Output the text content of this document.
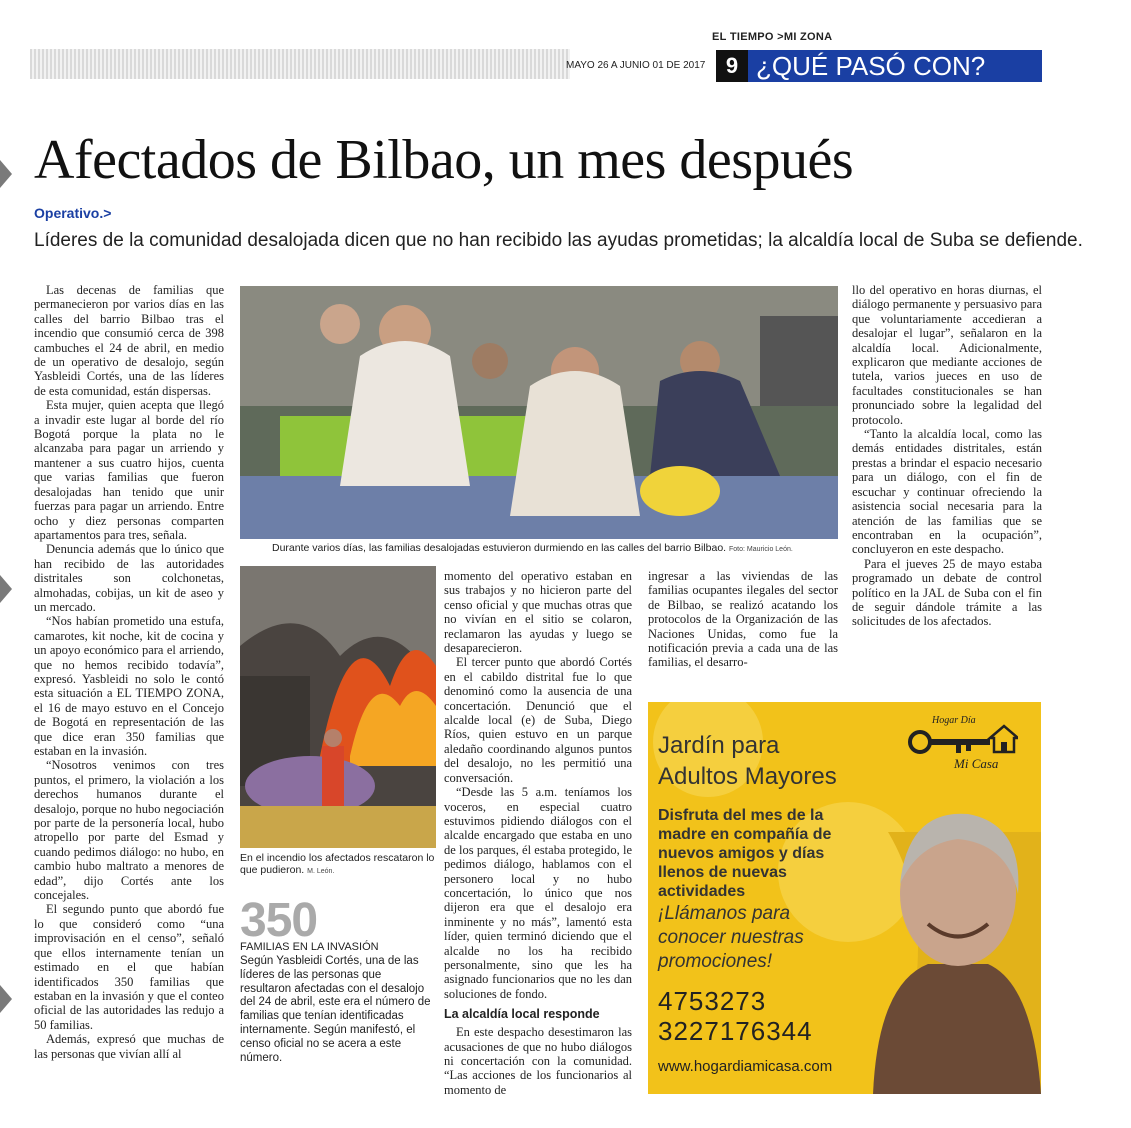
EL TIEMPO >MI ZONA
MAYO 26 A JUNIO 01 DE 2017 9 ¿QUÉ PASÓ CON?
Afectados de Bilbao, un mes después
Operativo.>
Líderes de la comunidad desalojada dicen que no han recibido las ayudas prometidas; la alcaldía local de Suba se defiende.

Las decenas de familias que permanecieron por varios días en las calles del barrio Bilbao tras el incendio que consumió cerca de 398 cambuches el 24 de abril, en medio de un operativo de desalojo, según Yasbleidi Cortés, una de las líderes de esta comunidad, están dispersas.

Esta mujer, quien acepta que llegó a invadir este lugar al borde del río Bogotá porque la plata no le alcanzaba para pagar un arriendo y mantener a sus cuatro hijos, cuenta que varias familias que fueron desalojadas han tenido que unir fuerzas para pagar un arriendo. Entre ocho y diez personas comparten apartamentos para tres, señala.

Denuncia además que lo único que han recibido de las autoridades distritales son colchonetas, almohadas, cobijas, un kit de aseo y un mercado.

“Nos habían prometido una estufa, camarotes, kit noche, kit de cocina y un apoyo económico para el arriendo, que no hemos recibido todavía”, expresó. Yasbleidi no solo le contó esta situación a EL TIEMPO ZONA, el 16 de mayo estuvo en el Concejo de Bogotá en representación de las que dice eran 350 familias que estaban en la invasión.

“Nosotros venimos con tres puntos, el primero, la violación a los derechos humanos durante el desalojo, porque no hubo negociación por parte de la personería local, hubo atropello por parte del Esmad y cuando pedimos diálogo: no hubo, en cambio hubo maltrato a menores de edad”, dijo Cortés ante los concejales.

El segundo punto que abordó fue lo que consideró como “una improvisación en el censo”, señaló que ellos internamente tenían un estimado en el que habían identificados 350 familias que estaban en la invasión y que el conteo oficial de las autoridades las redujo a 50 familias.

Además, expresó que muchas de las personas que vivían allí al

Durante varios días, las familias desalojadas estuvieron durmiendo en las calles del barrio Bilbao. Foto: Mauricio León.
En el incendio los afectados rescataron lo que pudieron. M. León.
350
FAMILIAS EN LA INVASIÓN
Según Yasbleidi Cortés, una de las líderes de las personas que resultaron afectadas con el desalojo del 24 de abril, este era el número de familias que tenían identificadas internamente. Según manifestó, el censo oficial no se acera a este número.

momento del operativo estaban en sus trabajos y no hicieron parte del censo oficial y que muchas otras que no vivían en el sitio se colaron, reclamaron las ayudas y luego se desaparecieron.

El tercer punto que abordó Cortés en el cabildo distrital fue lo que denominó como la ausencia de una concertación. Denunció que el alcalde local (e) de Suba, Diego Ríos, quien estuvo en un parque aledaño coordinando algunos puntos del desalojo, no les permitió una conversación.

“Desde las 5 a.m. teníamos los voceros, en especial cuatro estuvimos pidiendo diálogos con el alcalde encargado que estaba en uno de los parques, él estaba protegido, le pedimos diálogo, hablamos con el personero local y no hubo concertación, lo único que nos dijeron era que el desalojo era inminente y no más”, lamentó esta líder, quien terminó diciendo que el alcalde no los ha recibido personalmente, sino que les ha asignado funcionarios que no les dan soluciones de fondo.

La alcaldía local responde

En este despacho desestimaron las acusaciones de que no hubo diálogos ni concertación con la comunidad. “Las acciones de los funcionarios al momento de

ingresar a las viviendas de las familias ocupantes ilegales del sector de Bilbao, se realizó acatando los protocolos de la Organización de las Naciones Unidas, como fue la notificación previa a cada una de las familias, el desarro-

llo del operativo en horas diurnas, el diálogo permanente y persuasivo para que voluntariamente accedieran a desalojar el lugar”, señalaron en la alcaldía local. Adicionalmente, explicaron que mediante acciones de tutela, varios jueces en uso de facultades constitucionales se han pronunciado sobre la legalidad del protocolo.

“Tanto la alcaldía local, como las demás entidades distritales, están prestas a brindar el espacio necesario para un diálogo, con el fin de escuchar y continuar ofreciendo la asistencia social necesaria para la atención de las familias que se encontraban en la ocupación”, concluyeron en este despacho.

Para el jueves 25 de mayo estaba programado un debate de control político en la JAL de Suba con el fin de seguir dándole trámite a las solicitudes de los afectados.

Hogar Día
Mi Casa
Jardín para
Adultos Mayores
Disfruta del mes de la
madre en compañía de
nuevos amigos y días
llenos de nuevas
actividades
¡Llámanos para
conocer nuestras
promociones!
4753273
3227176344
www.hogardiamicasa.com
